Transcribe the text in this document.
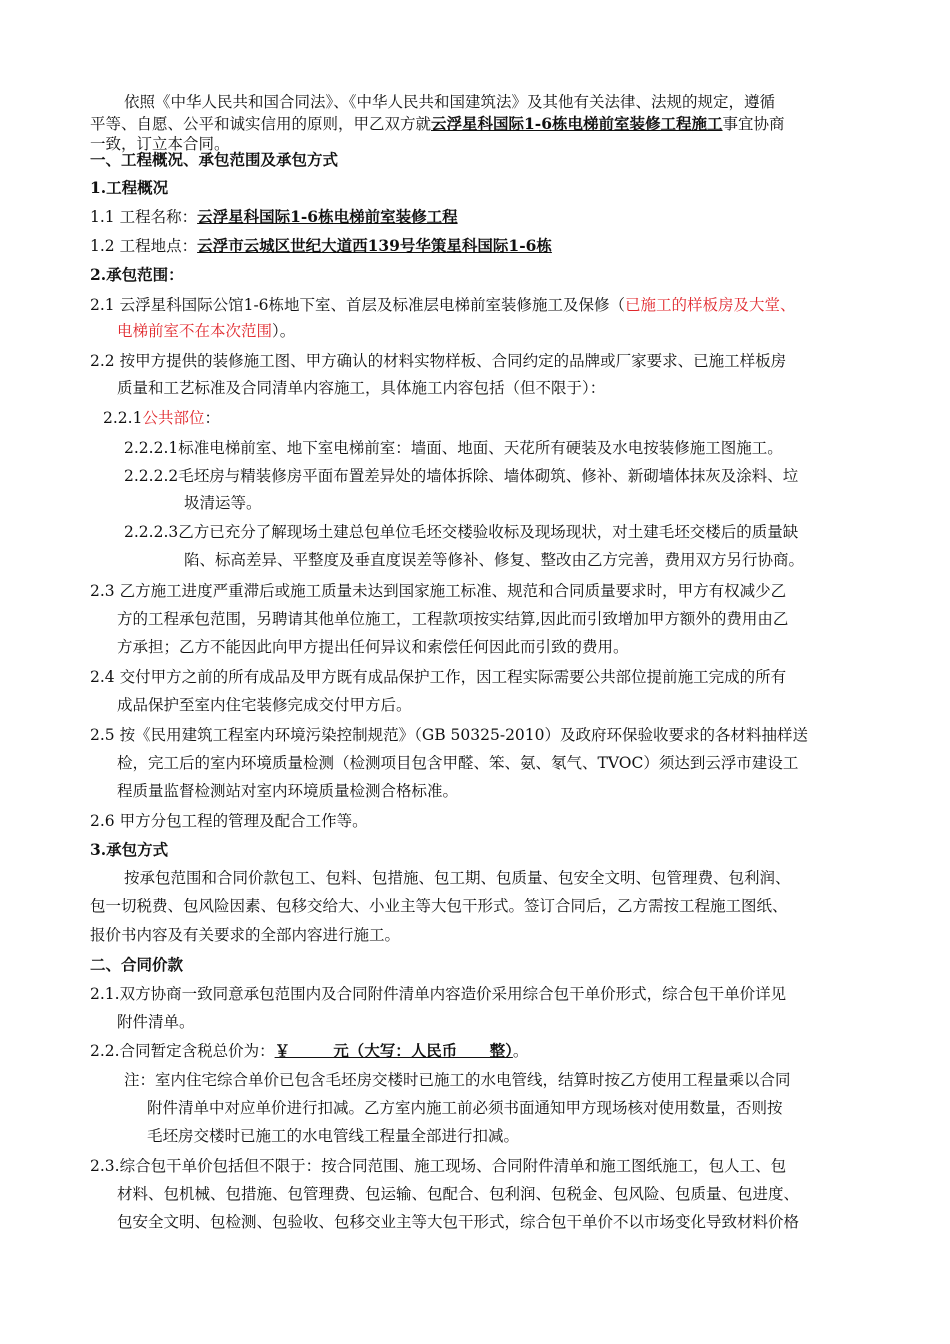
依照《中华人民共和国合同法》、《中华人民共和国建筑法》及其他有关法律、法规的规定，遵循
平等、自愿、公平和诚实信用的原则，甲乙双方就云浮星科国际1-6栋电梯前室装修工程施工事宜协商
一致，订立本合同。
一、工程概况、承包范围及承包方式
1.工程概况
1.1 工程名称：云浮星科国际1-6栋电梯前室装修工程
1.2 工程地点：云浮市云城区世纪大道西139号华策星科国际1-6栋
2.承包范围：
2.1 云浮星科国际公馆1-6栋地下室、首层及标准层电梯前室装修施工及保修（已施工的样板房及大堂、
电梯前室不在本次范围）。
2.2 按甲方提供的装修施工图、甲方确认的材料实物样板、合同约定的品牌或厂家要求、已施工样板房
质量和工艺标准及合同清单内容施工，具体施工内容包括（但不限于）：
2.2.1公共部位：
2.2.2.1标准电梯前室、地下室电梯前室：墙面、地面、天花所有硬装及水电按装修施工图施工。
2.2.2.2毛坯房与精装修房平面布置差异处的墙体拆除、墙体砌筑、修补、新砌墙体抹灰及涂料、垃
圾清运等。
2.2.2.3乙方已充分了解现场土建总包单位毛坯交楼验收标及现场现状，对土建毛坯交楼后的质量缺
陷、标高差异、平整度及垂直度误差等修补、修复、整改由乙方完善，费用双方另行协商。
2.3 乙方施工进度严重滞后或施工质量未达到国家施工标准、规范和合同质量要求时，甲方有权减少乙
方的工程承包范围，另聘请其他单位施工，工程款项按实结算,因此而引致增加甲方额外的费用由乙
方承担；乙方不能因此向甲方提出任何异议和索偿任何因此而引致的费用。
2.4 交付甲方之前的所有成品及甲方既有成品保护工作，因工程实际需要公共部位提前施工完成的所有
成品保护至室内住宅装修完成交付甲方后。
2.5 按《民用建筑工程室内环境污染控制规范》（GB 50325-2010）及政府环保验收要求的各材料抽样送
检，完工后的室内环境质量检测（检测项目包含甲醛、笨、氨、氡气、TVOC）须达到云浮市建设工
程质量监督检测站对室内环境质量检测合格标准。
2.6 甲方分包工程的管理及配合工作等。
3.承包方式
按承包范围和合同价款包工、包料、包措施、包工期、包质量、包安全文明、包管理费、包利润、
包一切税费、包风险因素、包移交给大、小业主等大包干形式。签订合同后，乙方需按工程施工图纸、
报价书内容及有关要求的全部内容进行施工。
二、合同价款
2.1.双方协商一致同意承包范围内及合同附件清单内容造价采用综合包干单价形式，综合包干单价详见
附件清单。
2.2.合同暂定含税总价为：￥        元（大写：人民币      整）。
注：室内住宅综合单价已包含毛坯房交楼时已施工的水电管线，结算时按乙方使用工程量乘以合同
附件清单中对应单价进行扣减。乙方室内施工前必须书面通知甲方现场核对使用数量，否则按
毛坯房交楼时已施工的水电管线工程量全部进行扣减。
2.3.综合包干单价包括但不限于：按合同范围、施工现场、合同附件清单和施工图纸施工，包人工、包
材料、包机械、包措施、包管理费、包运输、包配合、包利润、包税金、包风险、包质量、包进度、
包安全文明、包检测、包验收、包移交业主等大包干形式，综合包干单价不以市场变化导致材料价格
